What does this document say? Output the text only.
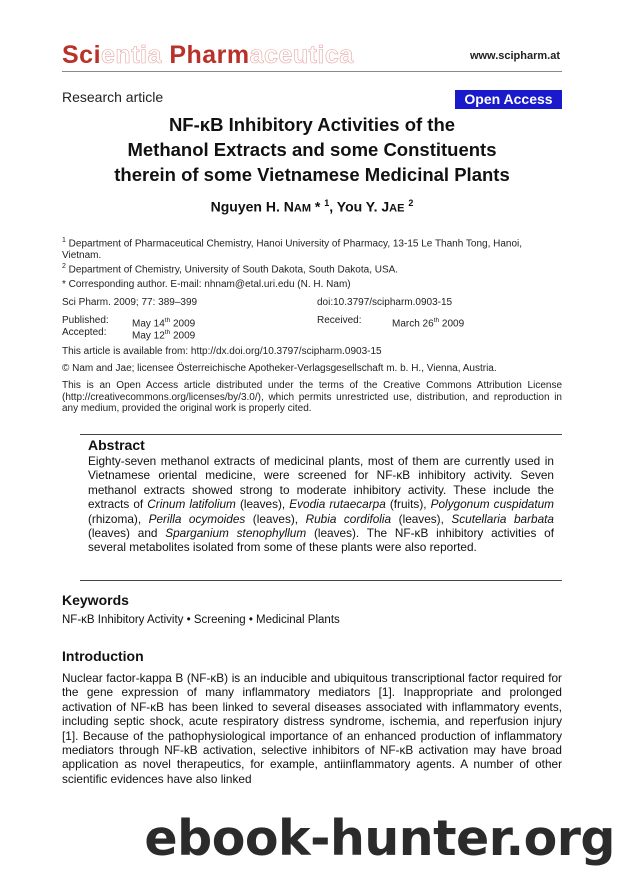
Scientia Pharmaceutica	www.scipharm.at
Research article	Open Access
NF-κB Inhibitory Activities of the
Methanol Extracts and some Constituents
therein of some Vietnamese Medicinal Plants
Nguyen H. NAM * $^1$, You Y. JAE $^2$
$^1$ Department of Pharmaceutical Chemistry, Hanoi University of Pharmacy, 13-15 Le Thanh Tong, Hanoi, Vietnam.
$^2$ Department of Chemistry, University of South Dakota, South Dakota, USA.
* Corresponding author. E-mail: nhnam@etal.uri.edu (N. H. Nam)
Sci Pharm. 2009; 77: 389–399	doi:10.3797/scipharm.0903-15
Published: May 14th 2009	Received:	March 26th 2009
Accepted:	May 12th 2009
This article is available from: http://dx.doi.org/10.3797/scipharm.0903-15
© Nam and Jae; licensee Österreichische Apotheker-Verlagsgesellschaft m. b. H., Vienna, Austria.
This is an Open Access article distributed under the terms of the Creative Commons Attribution License (http://creativecommons.org/licenses/by/3.0/), which permits unrestricted use, distribution, and reproduction in any medium, provided the original work is properly cited.
Abstract
Eighty-seven methanol extracts of medicinal plants, most of them are currently used in Vietnamese oriental medicine, were screened for NF-κB inhibitory activity. Seven methanol extracts showed strong to moderate inhibitory activity. These include the extracts of Crinum latifolium (leaves), Evodia rutaecarpa (fruits), Polygonum cuspidatum (rhizoma), Perilla ocymoides (leaves), Rubia cordifolia (leaves), Scutellaria barbata (leaves) and Sparganium stenophyllum (leaves). The NF-κB inhibitory activities of several metabolites isolated from some of these plants were also reported.
Keywords
NF-κB Inhibitory Activity • Screening • Medicinal Plants
Introduction
Nuclear factor-kappa B (NF-κB) is an inducible and ubiquitous transcriptional factor required for the gene expression of many inflammatory mediators [1]. Inappropriate and prolonged activation of NF-κB has been linked to several diseases associated with inflammatory events, including septic shock, acute respiratory distress syndrome, ischemia, and reperfusion injury [1]. Because of the pathophysiological importance of an enhanced production of inflammatory mediators through NF-kB activation, selective inhibitors of NF-κB activation may have broad application as novel therapeutics, for example, antiinflammatory agents. A number of other scientific evidences have also linked
ebook-hunter.org
